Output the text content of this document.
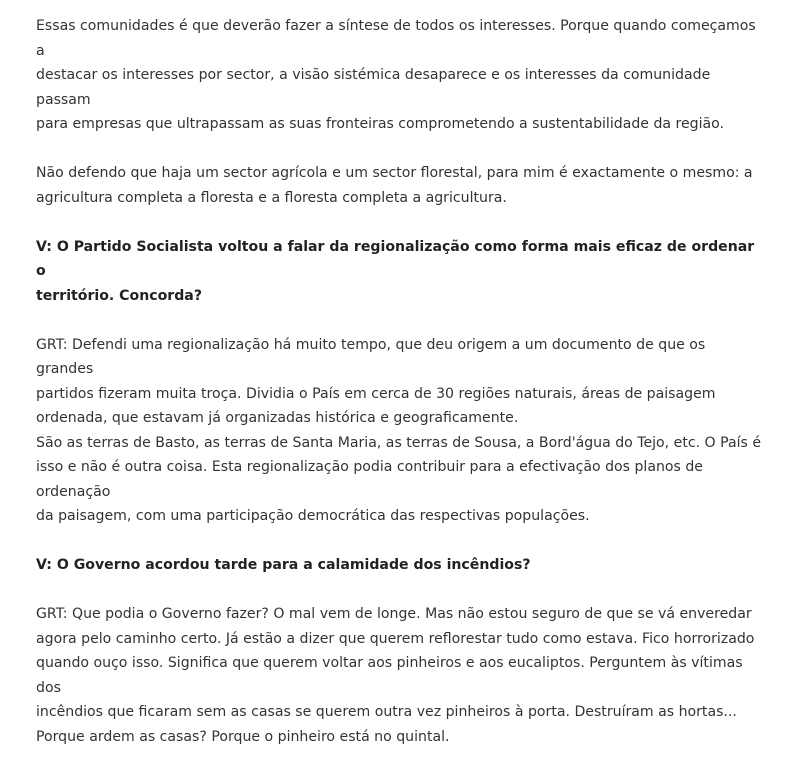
Essas comunidades é que deverão fazer a síntese de todos os interesses. Porque quando começamos a
destacar os interesses por sector, a visão sistémica desaparece e os interesses da comunidade passam
para empresas que ultrapassam as suas fronteiras comprometendo a sustentabilidade da região.

Não defendo que haja um sector agrícola e um sector florestal, para mim é exactamente o mesmo: a
agricultura completa a floresta e a floresta completa a agricultura.

V: O Partido Socialista voltou a falar da regionalização como forma mais eficaz de ordenar o
território. Concorda?

GRT: Defendi uma regionalização há muito tempo, que deu origem a um documento de que os grandes
partidos fizeram muita troça. Dividia o País em cerca de 30 regiões naturais, áreas de paisagem
ordenada, que estavam já organizadas histórica e geograficamente.
São as terras de Basto, as terras de Santa Maria, as terras de Sousa, a Bord'água do Tejo, etc. O País é
isso e não é outra coisa. Esta regionalização podia contribuir para a efectivação dos planos de ordenação
da paisagem, com uma participação democrática das respectivas populações.

V: O Governo acordou tarde para a calamidade dos incêndios?

GRT: Que podia o Governo fazer? O mal vem de longe. Mas não estou seguro de que se vá enveredar
agora pelo caminho certo. Já estão a dizer que querem reflorestar tudo como estava. Fico horrorizado
quando ouço isso. Significa que querem voltar aos pinheiros e aos eucaliptos. Perguntem às vítimas dos
incêndios que ficaram sem as casas se querem outra vez pinheiros à porta. Destruíram as hortas...
Porque ardem as casas? Porque o pinheiro está no quintal.
